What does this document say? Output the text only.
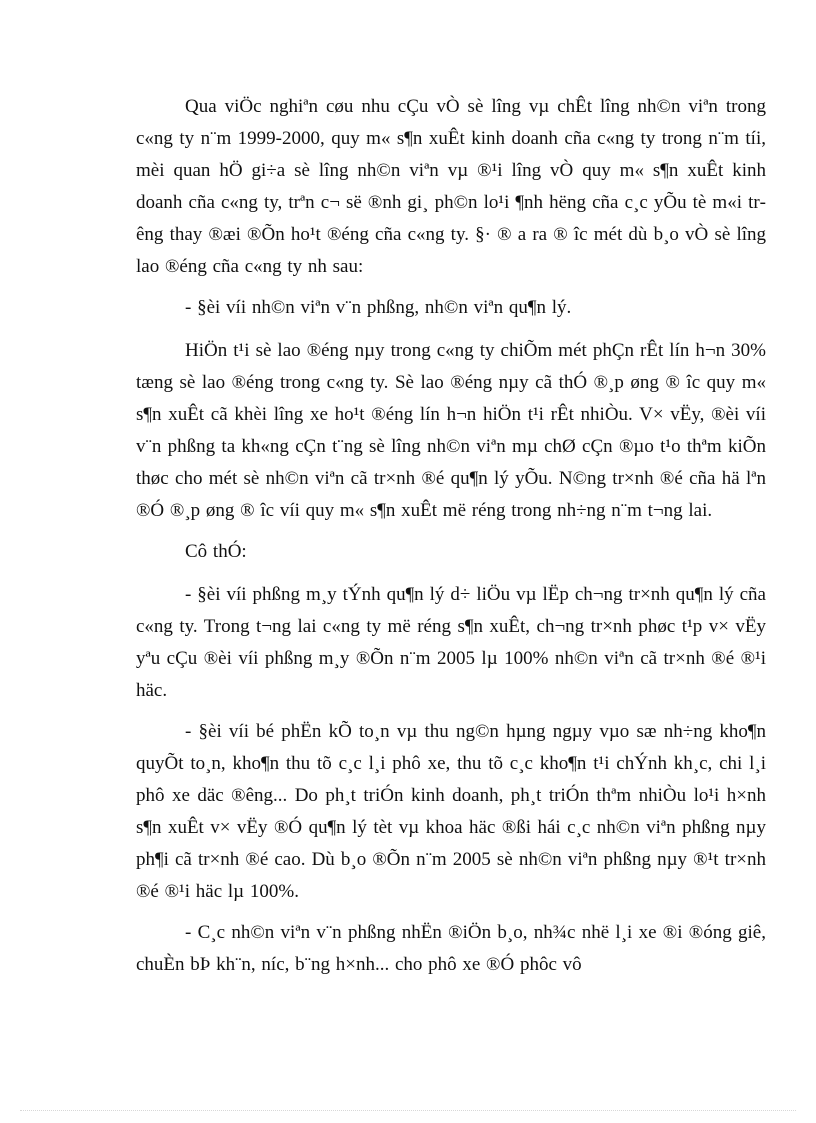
Qua viÖc nghiªn cøu nhu cÇu vÒ sè lîng vµ chÊt lîng nh©n viªn trong c«ng ty n¨m 1999-2000, quy m« s¶n xuÊt kinh doanh cña c«ng ty trong n¨m tíi, mèi quan hÖ gi÷a sè lîng nh©n viªn vµ ®¹i lîng vÒ quy m« s¶n xuÊt kinh doanh cña c«ng ty, trªn c¬ së ®nh gi¸ ph©n lo¹i ¶nh hëng cña c¸c yÕu tè m«i trêng thay ®æi ®Õn ho¹t ®éng cña c«ng ty. §· ® a ra ® îc mét dù b¸o vÒ sè lîng lao ®éng cña c«ng ty nh sau:

- §èi víi nh©n viªn v¨n phßng, nh©n viªn qu¶n lý.

HiÖn t¹i sè lao ®éng nµy trong c«ng ty chiÕm mét phÇn rÊt lín h¬n 30% tæng sè lao ®éng trong c«ng ty. Sè lao ®éng nµy cã thÓ ®¸p øng ® îc quy m« s¶n xuÊt cã khèi lîng xe ho¹t ®éng lín h¬n hiÖn t¹i rÊt nhiÒu. V× vËy, ®èi víi v¨n phßng ta kh«ng cÇn t¨ng sè lîng nh©n viªn mµ chØ cÇn ®µo t¹o thªm kiÕn thøc cho mét sè nh©n viªn cã tr×nh ®é qu¶n lý yÕu. N©ng tr×nh ®é cña hä lªn ®Ó ®¸p øng ® îc víi quy m« s¶n xuÊt më réng trong nh÷ng n¨m t¬ng lai.

Cô thÓ:

- §èi víi phßng m¸y tÝnh qu¶n lý d÷ liÖu vµ lËp ch¬ng tr×nh qu¶n lý cña c«ng ty. Trong t¬ng lai c«ng ty më réng s¶n xuÊt, ch¬ng tr×nh phøc t¹p v× vËy yªu cÇu ®èi víi phßng m¸y ®Õn n¨m 2005 lµ 100% nh©n viªn cã tr×nh ®é ®¹i häc.

- §èi víi bé phËn kÕ to¸n vµ thu ng©n hµng ngµy vµo sæ nh÷ng kho¶n quyÕt to¸n, kho¶n thu tõ c¸c l¸i phô xe, thu tõ c¸c kho¶n t¹i chÝnh kh¸c, chi l¸i phô xe däc ®êng... Do ph¸t triÓn kinh doanh, ph¸t triÓn thªm nhiÒu lo¹i h×nh s¶n xuÊt v× vËy ®Ó qu¶n lý tèt vµ khoa häc ®ßi hái c¸c nh©n viªn phßng nµy ph¶i cã tr×nh ®é cao. Dù b¸o ®Õn n¨m 2005 sè nh©n viªn phßng nµy ®¹t tr×nh ®é ®¹i häc lµ 100%.

- C¸c nh©n viªn v¨n phßng nhËn ®iÖn b¸o, nh¾c nhë l¸i xe ®i ®óng giê, chuÈn bÞ kh¨n, níc, b¨ng h×nh... cho phô xe ®Ó phôc vô
